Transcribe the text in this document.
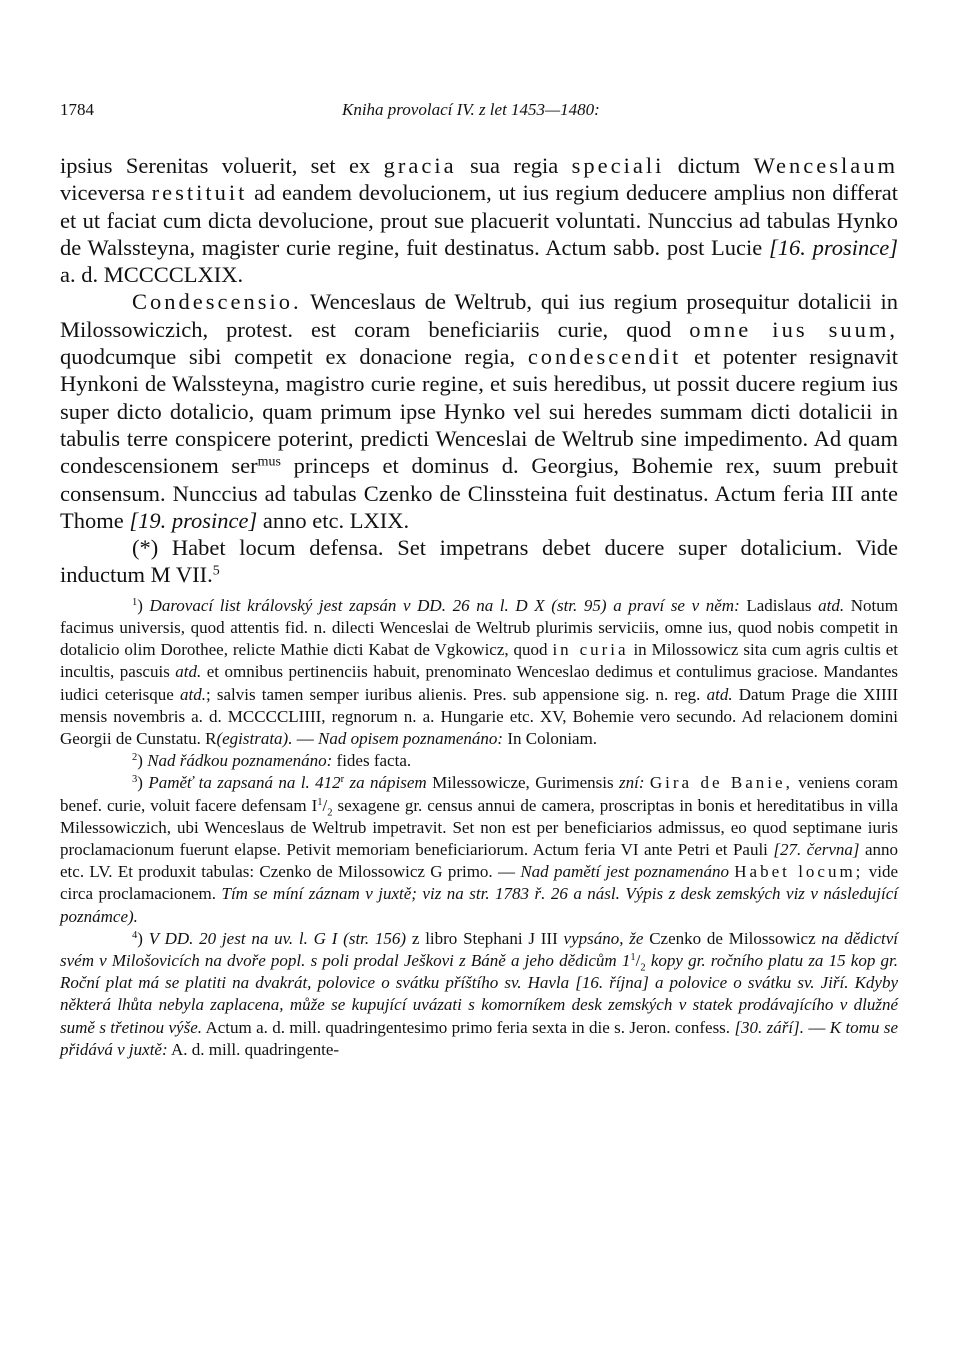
1784	Kniha provolací IV. z let 1453—1480:

ipsius Serenitas voluerit, set ex gracia sua regia speciali dictum Wenceslaum viceversa restituit ad eandem devolucionem, ut ius regium deducere amplius non differat et ut faciat cum dicta devolucione, prout sue placuerit voluntati. Nunccius ad tabulas Hynko de Walssteyna, magister curie regine, fuit destinatus. Actum sabb. post Lucie [16. prosince] a. d. MCCCCLXIX.

Condescensio. Wenceslaus de Weltrub, qui ius regium prosequitur dotalicii in Milossowiczich, protest. est coram beneficiariis curie, quod omne ius suum, quodcumque sibi competit ex donacione regia, condescendit et potenter resignavit Hynkoni de Walssteyna, magistro curie regine, et suis heredibus, ut possit ducere regium ius super dicto dotalicio, quam primum ipse Hynko vel sui heredes summam dicti dotalicii in tabulis terre conspicere poterint, predicti Wenceslai de Weltrub sine impedimento. Ad quam condescensionem ser$^{mus}$ princeps et dominus d. Georgius, Bohemie rex, suum prebuit consensum. Nunccius ad tabulas Czenko de Clinssteina fuit destinatus. Actum feria III ante Thome [19. prosince] anno etc. LXIX.

(*) Habet locum defensa. Set impetrans debet ducere super dotalicium. Vide inductum M VII.$^5$

$^1$) Darovací list královský jest zapsán v DD. 26 na l. D X (str. 95) a praví se v něm: Ladislaus atd. Notum facimus universis, quod attentis fid. n. dilecti Wenceslai de Weltrub plurimis serviciis, omne ius, quod nobis competit in dotalicio olim Dorothee, relicte Mathie dicti Kabat de Vgkowicz, quod in curia in Milossowicz sita cum agris cultis et incultis, pascuis atd. et omnibus pertinenciis habuit, prenominato Wenceslao dedimus et contulimus graciose. Mandantes iudici ceterisque atd.; salvis tamen semper iuribus alienis. Pres. sub appensione sig. n. reg. atd. Datum Prage die XIIII mensis novembris a. d. MCCCCLIIII, regnorum n. a. Hungarie etc. XV, Bohemie vero secundo. Ad relacionem domini Georgii de Cunstatu. R(egistrata). — Nad opisem poznamenáno: In Coloniam.

$^2$) Nad řádkou poznamenáno: fides facta.

$^3$) Paměť ta zapsaná na l. 412$^r$ za nápisem Milessowicze, Gurimensis zní: Gira de Banie, veniens coram benef. curie, voluit facere defensam $I^1/_2$ sexagene gr. census annui de camera, proscriptas in bonis et hereditatibus in villa Milessowiczich, ubi Wenceslaus de Weltrub impetravit. Set non est per beneficiarios admissus, eo quod septimane iuris proclamacionum fuerunt elapse. Petivit memoriam beneficiariorum. Actum feria VI ante Petri et Pauli [27. června] anno etc. LV. Et produxit tabulas: Czenko de Milossowicz G primo. — Nad pamětí jest poznamenáno Habet locum; vide circa proclamacionem. Tím se míní záznam v juxtě; viz na str. 1783 ř. 26 a násl. Výpis z desk zemských viz v následující poznámce).

$^4$) V DD. 20 jest na uv. l. G I (str. 156) z libro Stephani J III vypsáno, že Czenko de Milossowicz na dědictví svém v Milošovicích na dvoře popl. s poli prodal Ješkovi z Báně a jeho dědicům $1^1/_2$ kopy gr. ročního platu za 15 kop gr. Roční plat má se platiti na dvakrát, polovice o svátku příštího sv. Havla [16. října] a polovice o svátku sv. Jiří. Kdyby některá lhůta nebyla zaplacena, může se kupující uvázati s komorníkem desk zemských v statek prodávajícího v dlužné sumě s třetinou výše. Actum a. d. mill. quadringentesimo primo feria sexta in die s. Jeron. confess. [30. září]. — K tomu se přidává v juxtě: A. d. mill. quadringente-
